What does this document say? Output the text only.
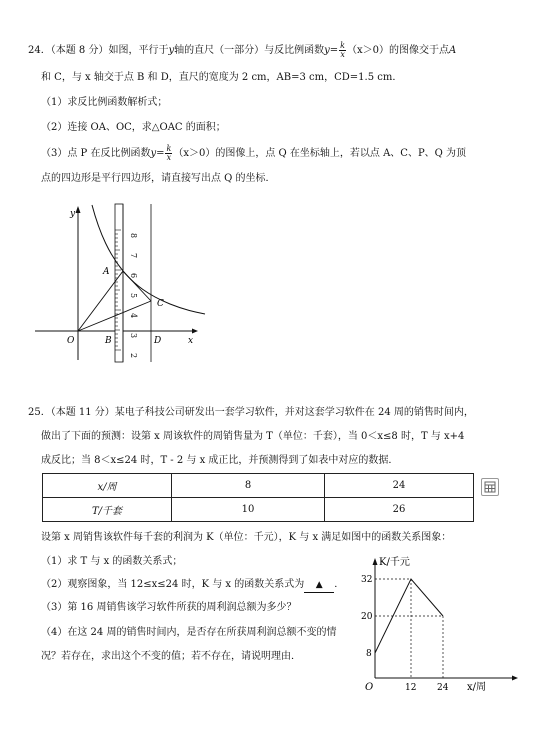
24．（本题 8 分）如图，平行于y轴的直尺（一部分）与反比例函数$y= \frac{k}{x} (x>0)$的图像交于点A
和 C，与 x 轴交于点 B 和 D，直尺的宽度为 2 cm，AB=3 cm，CD=1.5 cm．
（1）求反比例函数解析式；
（2）连接 OA、OC，求△OAC 的面积；
（3）点 P 在反比例函数$y= \frac{k}{x} (x>0)$的图像上，点 Q 在坐标轴上，若以点 A、C、P、Q 为顶
点的四边形是平行四边形，请直接写出点 Q 的坐标．
8
7
6
5
4
3
2
y
x
O
A
B
C
D
25．（本题 11 分）某电子科技公司研发出一套学习软件，并对这套学习软件在 24 周的销售时间内，
做出了下面的预测：设第 x 周该软件的周销售量为 T（单位：千套），当 0＜x≤8 时，T 与 x+4
成反比；当 8＜x≤24 时，T - 2 与 x 成正比，并预测得到了如表中对应的数据．
x/周	8	24
T/千套	10	26
设第 x 周销售该软件每千套的利润为 K（单位：千元），K 与 x 满足如图中的函数关系图象：
（1）求 T 与 x 的函数关系式；
（2）观察图象，当 12≤x≤24 时，K 与 x 的函数关系式为 ▲ ．
（3）第 16 周销售该学习软件所获的周利润总额为多少？
（4）在这 24 周的销售时间内，是否存在所获周利润总额不变的情
况？若存在，求出这个不变的值；若不存在，请说明理由．
K/千元
x/周
O
32
20
8
12 24
